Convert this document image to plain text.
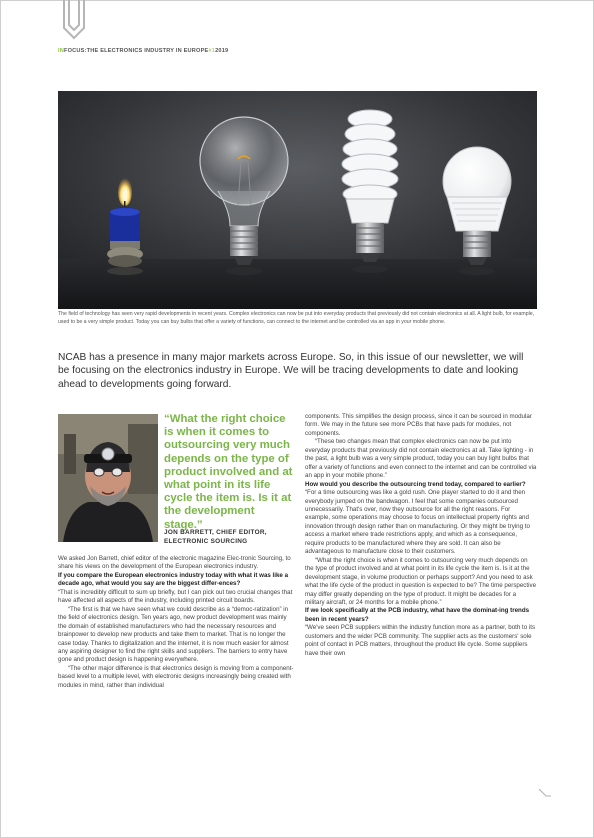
INFOCUS:THE ELECTRONICS INDUSTRY IN EUROPE#12019
The field of technology has seen very rapid developments in recent years. Complex electronics can now be put into everyday products that previously did not contain electronics at all. A light bulb, for example, used to be a very simple product. Today you can buy bulbs that offer a variety of functions, can connect to the internet and be controlled via an app in your mobile phone.
NCAB has a presence in many major markets across Europe. So, in this issue of our newsletter, we will be focusing on the electronics industry in Europe. We will be tracing developments to date and looking ahead to developments going forward.
“What the right choice is when it comes to outsourcing very much depends on the type of product involved and at what point in its life cycle the item is. Is it at the development stage.”
JON BARRETT, CHIEF EDITOR,
ELECTRONIC SOURCING

We asked Jon Barrett, chief editor of the electronic magazine Elec-tronic Sourcing, to share his views on the development of the European electronics industry.

If you compare the European electronics industry today with what it was like a decade ago, what would you say are the biggest differ-ences?

“That is incredibly difficult to sum up briefly, but I can pick out two crucial changes that have affected all aspects of the industry, including printed circuit boards.

“The first is that we have seen what we could describe as a “democ-ratization” in the field of electronics design. Ten years ago, new product development was mainly the domain of established manufacturers who had the necessary resources and brainpower to develop new products and take them to market. That is no longer the case today. Thanks to digitalization and the internet, it is now much easier for almost any aspiring designer to find the right skills and suppliers. The barriers to entry have gone and product design is happening everywhere.

“The other major difference is that electronics design is moving from a component-based level to a multiple level, with electronic designs increasingly being created with modules in mind, rather than individual

components. This simplifies the design process, since it can be sourced in modular form. We may in the future see more PCBs that have pads for modules, not components.

“These two changes mean that complex electronics can now be put into everyday products that previously did not contain electronics at all. Take lighting - in the past, a light bulb was a very simple product, today you can buy light bulbs that offer a variety of functions and even connect to the internet and can be controlled via an app in your mobile phone.”

How would you describe the outsourcing trend today, compared to earlier?

“For a time outsourcing was like a gold rush. One player started to do it and then everybody jumped on the bandwagon. I feel that some companies outsourced unnecessarily. That's over, now they outsource for all the right reasons. For example, some operations may choose to focus on intellectual property rights and innovation through design rather than on manufacturing. Or they might be trying to access a market where trade restrictions apply, and which as a consequence, require products to be manufactured where they are sold. It can also be advantageous to manufacture close to their customers.

“What the right choice is when it comes to outsourcing very much depends on the type of product involved and at what point in its life cycle the item is. Is it at the development stage, in volume production or perhaps support? And you need to ask what the life cycle of the product in question is expected to be? The time perspective may differ greatly depending on the type of product. It might be decades for a military aircraft, or 24 months for a mobile phone.”

If we look specifically at the PCB industry, what have the dominat-ing trends been in recent years?

“We've seen PCB suppliers within the industry function more as a partner, both to its customers and the wider PCB community. The supplier acts as the customers' sole point of contact in PCB matters, throughout the product life cycle. Some suppliers have their own
